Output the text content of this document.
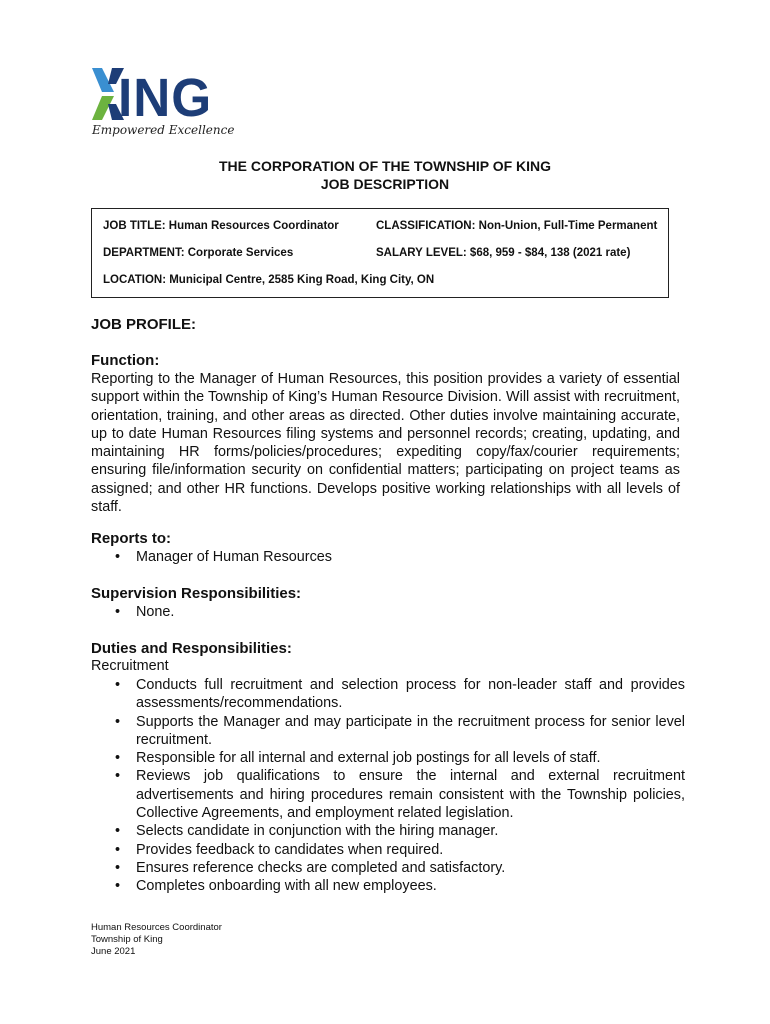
ING
Empowered Excellence
THE CORPORATION OF THE TOWNSHIP OF KING
JOB DESCRIPTION
JOB TITLE: Human Resources Coordinator	CLASSIFICATION: Non-Union, Full-Time Permanent
DEPARTMENT: Corporate Services	SALARY LEVEL: $68, 959 - $84, 138 (2021 rate)
LOCATION: Municipal Centre, 2585 King Road, King City, ON
JOB PROFILE:
Function:
Reporting to the Manager of Human Resources, this position provides a variety of essential support within the Township of King’s Human Resource Division. Will assist with recruitment, orientation, training, and other areas as directed. Other duties involve maintaining accurate, up to date Human Resources filing systems and personnel records; creating, updating, and maintaining HR forms/policies/procedures; expediting copy/fax/courier requirements; ensuring file/information security on confidential matters; participating on project teams as assigned; and other HR functions. Develops positive working relationships with all levels of staff.
Reports to:
• Manager of Human Resources
Supervision Responsibilities:
• None.
Duties and Responsibilities:
Recruitment
• Conducts full recruitment and selection process for non-leader staff and provides assessments/recommendations.
• Supports the Manager and may participate in the recruitment process for senior level recruitment.
• Responsible for all internal and external job postings for all levels of staff.
• Reviews job qualifications to ensure the internal and external recruitment advertisements and hiring procedures remain consistent with the Township policies, Collective Agreements, and employment related legislation.
• Selects candidate in conjunction with the hiring manager.
• Provides feedback to candidates when required.
• Ensures reference checks are completed and satisfactory.
• Completes onboarding with all new employees.
Human Resources Coordinator
Township of King
June 2021
